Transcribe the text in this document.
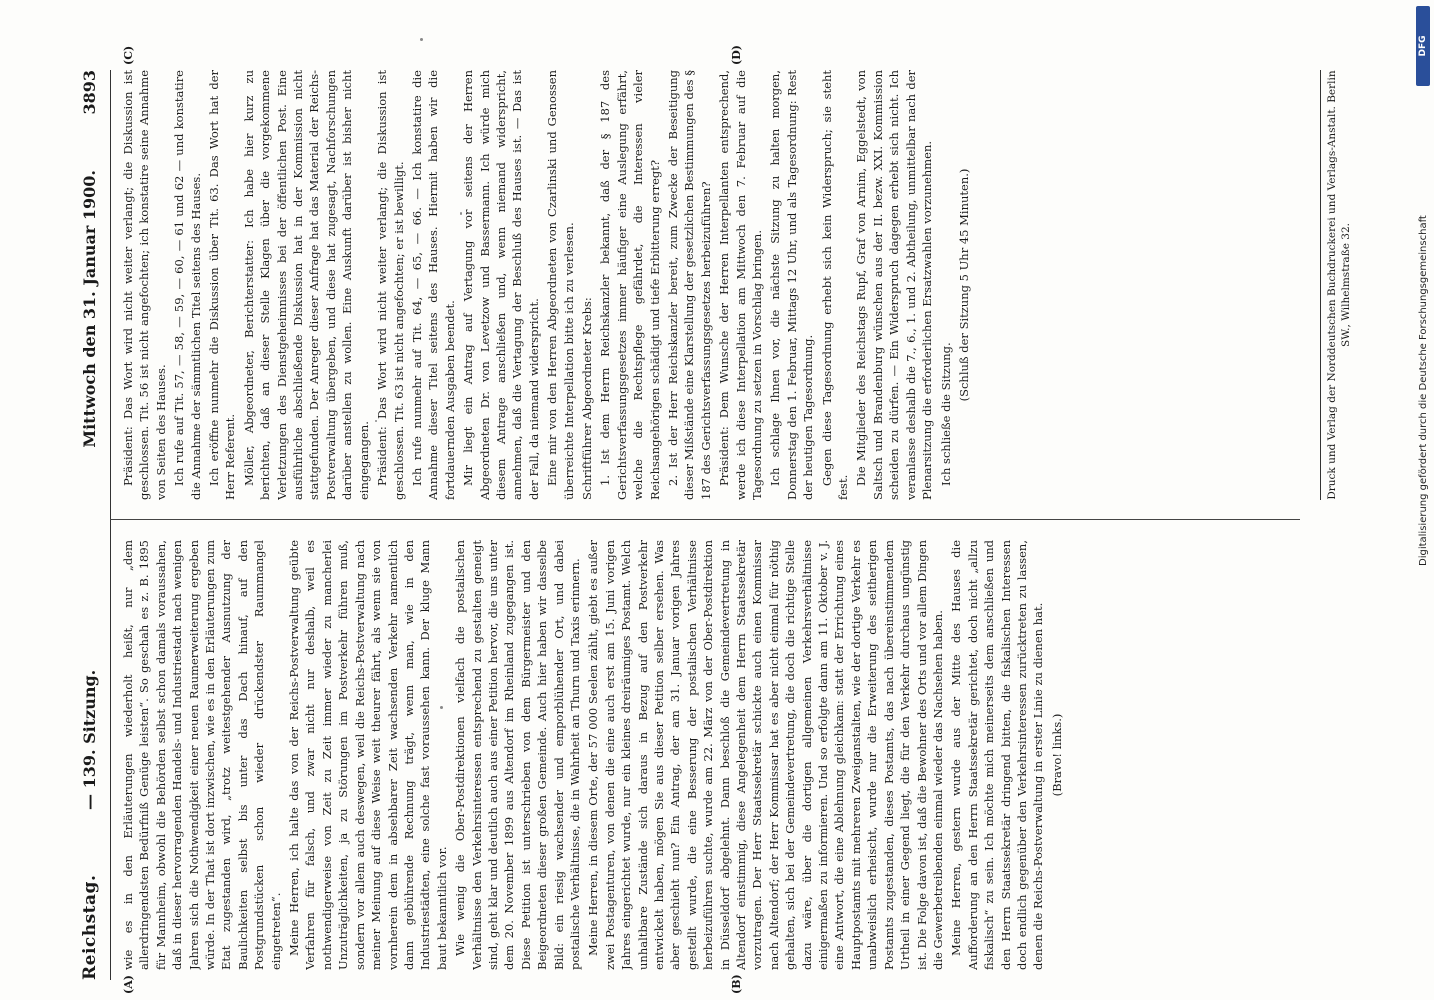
Reichstag.
— 139. Sitzung.
Mittwoch den 31. Januar 1900.
3893
(A)	(B)
(C)	(D)

wie es in den Erläuterungen wiederholt heißt, nur „dem allerdringendsten Bedürfniß Genüge leisten“. So geschah es z. B. 1895 für Mannheim, obwohl die Behörden selbst schon damals voraussahen, daß in dieser hervorragenden Handels- und Industriestadt nach wenigen Jahren sich die Nothwendigkeit einer neuen Raumerweiterung ergeben würde. In der That ist dort inzwischen, wie es in den Erläuterungen zum Etat zugestanden wird, „trotz weitestgehender Ausnutzung der Baulichkeiten selbst bis unter das Dach hinauf, auf den Postgrundstücken schon wieder drückendster Raummangel eingetreten“. Meine Herren, ich halte das von der Reichs-Postverwaltung geübte Verfahren für falsch, und zwar nicht nur deshalb, weil es nothwendigerweise von Zeit zu Zeit immer wieder zu mancherlei Unzuträglichkeiten, ja zu Störungen im Postverkehr führen muß, sondern vor allem auch deswegen, weil die Reichs-Postverwaltung nach meiner Meinung auf diese Weise weit theurer fährt, als wenn sie von vornherein dem in absehbarer Zeit wachsenden Verkehr namentlich dann gebührende Rechnung trägt, wenn man, wie in den Industriestädten, eine solche fast voraussehen kann. Der kluge Mann baut bekanntlich vor. Wie wenig die Ober-Postdirektionen vielfach die postalischen Verhältnisse den Verkehrsinteressen entsprechend zu gestalten geneigt sind, geht klar und deutlich auch aus einer Petition hervor, die uns unter dem 20. November 1899 aus Altendorf im Rheinland zugegangen ist. Diese Petition ist unterschrieben von dem Bürgermeister und den Beigeordneten dieser großen Gemeinde. Auch hier haben wir dasselbe Bild: ein riesig wachsender und emporblühender Ort, und dabei postalische Verhältnisse, die in Wahrheit an Thurn und Taxis erinnern. Meine Herren, in diesem Orte, der 57 000 Seelen zählt, giebt es außer zwei Postagenturen, von denen die eine auch erst am 15. Juni vorigen Jahres eingerichtet wurde, nur ein kleines dreiräumiges Postamt. Welch unhaltbare Zustände sich daraus in Bezug auf den Postverkehr entwickelt haben, mögen Sie aus dieser Petition selber ersehen. Was aber geschieht nun? Ein Antrag, der am 31. Januar vorigen Jahres gestellt wurde, die eine Besserung der postalischen Verhältnisse herbeizuführen suchte, wurde am 22. März von der Ober-Postdirektion in Düsseldorf abgelehnt. Dann beschloß die Gemeindevertretung in Altendorf einstimmig, diese Angelegenheit dem Herrn Staatssekretär vorzutragen. Der Herr Staatssekretär schickte auch einen Kommissar nach Altendorf; der Herr Kommissar hat es aber nicht einmal für nöthig gehalten, sich bei der Gemeindevertretung, die doch die richtige Stelle dazu wäre, über die dortigen allgemeinen Verkehrsverhältnisse einigermaßen zu informieren. Und so erfolgte dann am 11. Oktober v. J. eine Antwort, die eine Ablehnung gleichkam: statt der Errichtung eines Hauptpostamts mit mehreren Zweiganstalten, wie der dortige Verkehr es unabweislich erheischt, wurde nur die Erweiterung des seitherigen Postamts zugestanden, dieses Postamts, das nach übereinstimmendem Urtheil in einer Gegend liegt, die für den Verkehr durchaus ungünstig ist. Die Folge davon ist, daß die Bewohner des Orts und vor allem Dingen die Gewerbetreibenden einmal wieder das Nachsehen haben. Meine Herren, gestern wurde aus der Mitte des Hauses die Aufforderung an den Herrn Staatssekretär gerichtet, doch nicht „allzu fiskalisch“ zu sein. Ich möchte mich meinerseits dem anschließen und den Herrn Staatssekretär dringend bitten, die fiskalischen Interessen doch endlich gegenüber den Verkehrsinteressen zurücktreten zu lassen, denen die Reichs-Postverwaltung in erster Linie zu dienen hat. (Bravo! links.)

Präsident: Das Wort wird nicht weiter verlangt; die Diskussion ist geschlossen. Tit. 56 ist nicht angefochten; ich konstatire seine Annahme von Seiten des Hauses. Ich rufe auf Tit. 57, — 58, — 59, — 60, — 61 und 62 — und konstatire die Annahme der sämmtlichen Titel seitens des Hauses. Ich eröffne nunmehr die Diskussion über Tit. 63. Das Wort hat der Herr Referent. Möller, Abgeordneter, Berichterstatter: Ich habe hier kurz zu berichten, daß an dieser Stelle Klagen über die vorgekommene Verletzungen des Dienstgeheimnisses bei der öffentlichen Post. Eine ausführliche abschließende Diskussion hat in der Kommission nicht stattgefunden. Der Anreger dieser Anfrage hat das Material der Reichs-Postverwaltung übergeben, und diese hat zugesagt, Nachforschungen darüber anstellen zu wollen. Eine Auskunft darüber ist bisher nicht eingegangen. Präsident: Das Wort wird nicht weiter verlangt; die Diskussion ist geschlossen. Tit. 63 ist nicht angefochten; er ist bewilligt. Ich rufe nunmehr auf Tit. 64, — 65, — 66. — Ich konstatire die Annahme dieser Titel seitens des Hauses. Hiermit haben wir die fortdauernden Ausgaben beendet. Mir liegt ein Antrag auf Vertagung vor seitens der Herren Abgeordneten Dr. von Levetzow und Bassermann. Ich würde mich diesem Antrage anschließen und, wenn niemand widerspricht, annehmen, daß die Vertagung der Beschluß des Hauses ist. — Das ist der Fall, da niemand widerspricht. Eine mir von den Herren Abgeordneten von Czarlinski und Genossen überreichte Interpellation bitte ich zu verlesen. Schriftführer Abgeordneter Krebs: 1. Ist dem Herrn Reichskanzler bekannt, daß der § 187 des Gerichtsverfassungsgesetzes immer häufiger eine Auslegung erfährt, welche die Rechtspflege gefährdet, die Interessen vieler Reichsangehörigen schädigt und tiefe Erbitterung erregt? 2. Ist der Herr Reichskanzler bereit, zum Zwecke der Beseitigung dieser Mißstände eine Klarstellung der gesetzlichen Bestimmungen des § 187 des Gerichtsverfassungsgesetzes herbeizuführen? Präsident: Dem Wunsche der Herren Interpellanten entsprechend, werde ich diese Interpellation am Mittwoch den 7. Februar auf die Tagesordnung zu setzen in Vorschlag bringen. Ich schlage Ihnen vor, die nächste Sitzung zu halten morgen, Donnerstag den 1. Februar, Mittags 12 Uhr, und als Tagesordnung: Rest der heutigen Tagesordnung. Gegen diese Tagesordnung erhebt sich kein Widerspruch; sie steht fest.

Die Mitglieder des Reichstags Rupf, Graf von Arnim, Eggelstedt, von Saltsch und Brandenburg wünschen aus der II. bezw. XXI. Kommission scheiden zu dürfen. — Ein Widerspruch dagegen erhebt sich nicht. Ich veranlasse deshalb die 7., 6., 1. und 2. Abtheilung, unmittelbar nach der Plenarsitzung die erforderlichen Ersatzwahlen vorzunehmen. Ich schließe die Sitzung.

(Schluß der Sitzung 5 Uhr 45 Minuten.)	Druck und Verlag der Norddeutschen Buchdruckerei und Verlags-Anstalt. Berlin SW., Wilhelmstraße 32.
DFG
Digitalisierung gefördert durch die Deutsche Forschungsgemeinschaft
